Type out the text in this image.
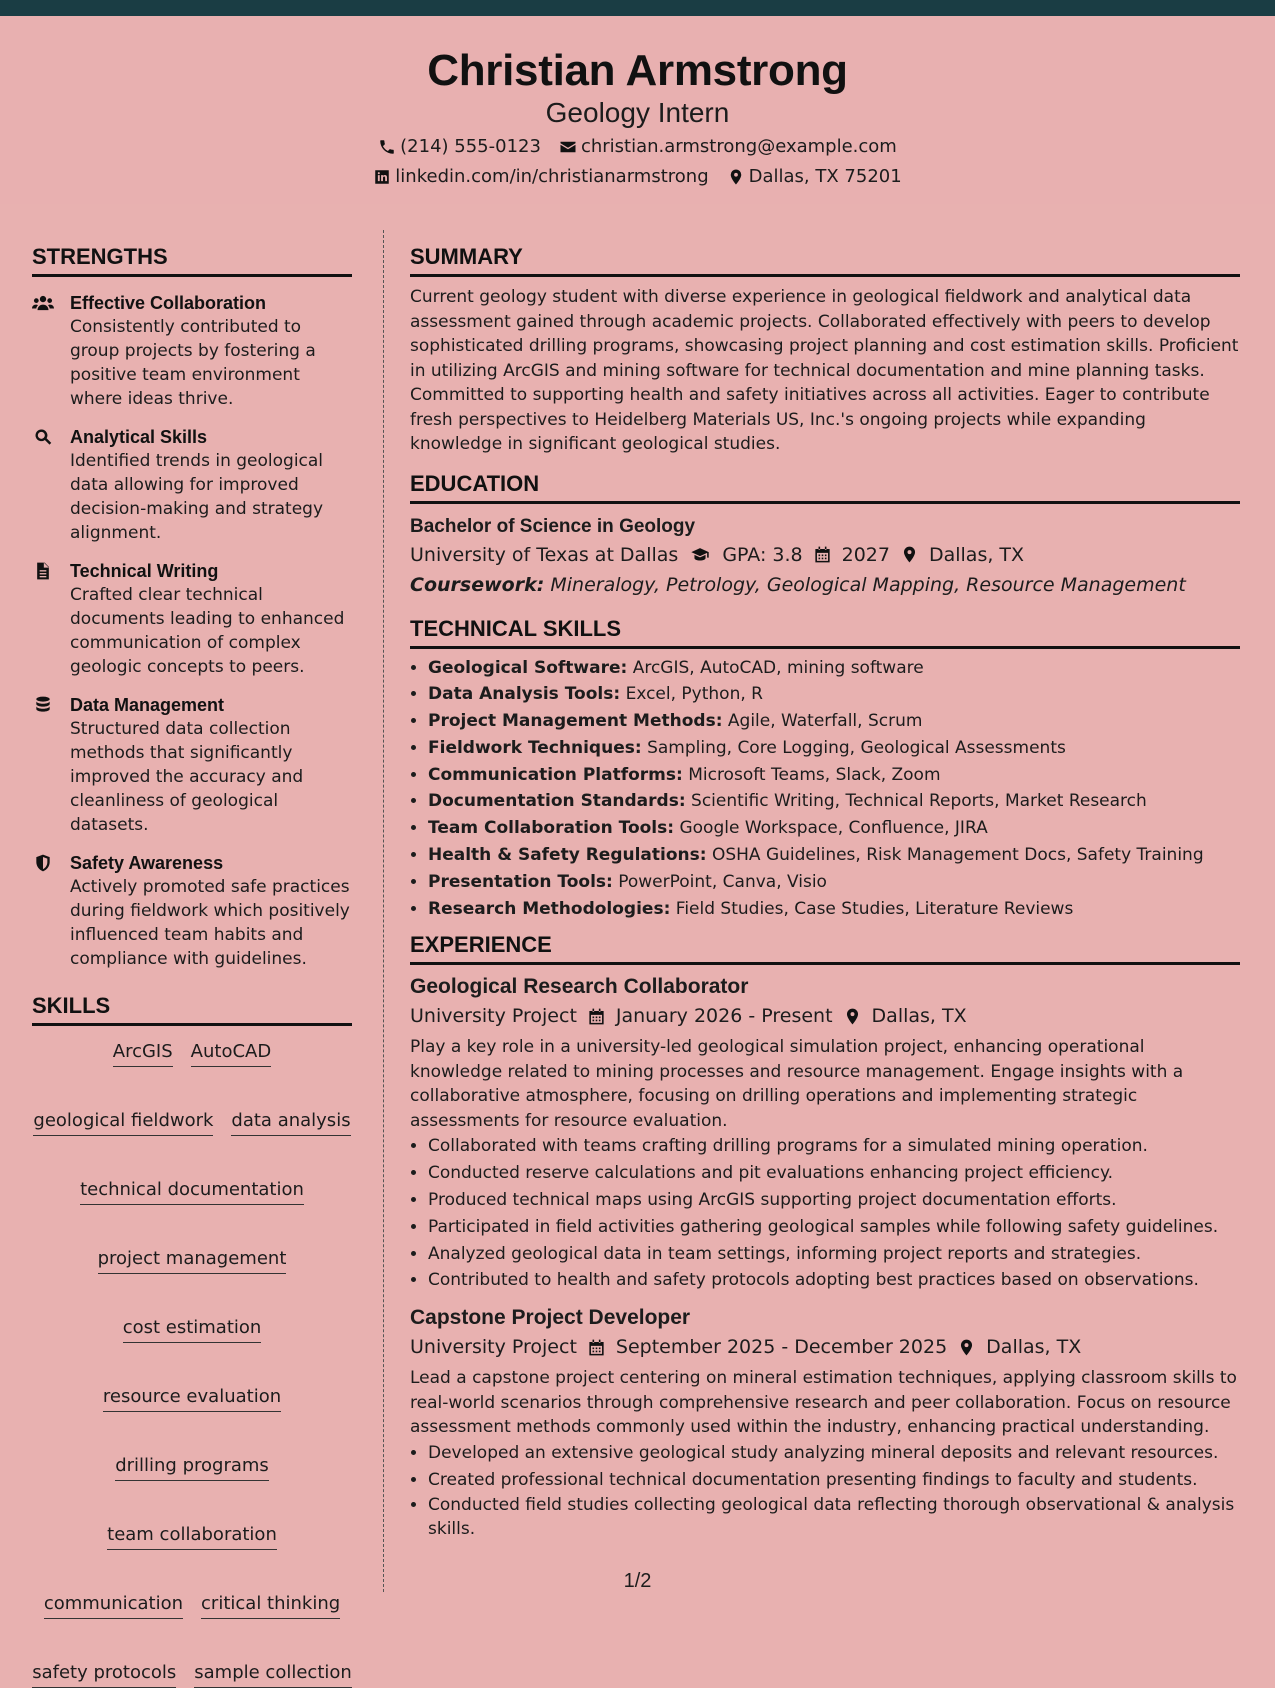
Christian Armstrong
Geology Intern
(214) 555-0123 christian.armstrong@example.com
linkedin.com/in/christianarmstrong Dallas, TX 75201
STRENGTHS
Effective Collaboration
Consistently contributed to group projects by fostering a positive team environment where ideas thrive.
Analytical Skills
Identified trends in geological data allowing for improved decision-making and strategy alignment.
Technical Writing
Crafted clear technical documents leading to enhanced communication of complex geologic concepts to peers.
Data Management
Structured data collection methods that significantly improved the accuracy and cleanliness of geological datasets.
Safety Awareness
Actively promoted safe practices during fieldwork which positively influenced team habits and compliance with guidelines.
SKILLS
ArcGIS AutoCAD
geological fieldwork data analysis
technical documentation
project management
cost estimation
resource evaluation
drilling programs
team collaboration
communication critical thinking
safety protocols sample collection
SUMMARY
Current geology student with diverse experience in geological fieldwork and analytical data assessment gained through academic projects. Collaborated effectively with peers to develop sophisticated drilling programs, showcasing project planning and cost estimation skills. Proficient in utilizing ArcGIS and mining software for technical documentation and mine planning tasks. Committed to supporting health and safety initiatives across all activities. Eager to contribute fresh perspectives to Heidelberg Materials US, Inc.'s ongoing projects while expanding knowledge in significant geological studies.
EDUCATION
Bachelor of Science in Geology
University of Texas at Dallas GPA: 3.8 2027 Dallas, TX
Coursework: Mineralogy, Petrology, Geological Mapping, Resource Management
TECHNICAL SKILLS
• Geological Software: ArcGIS, AutoCAD, mining software
• Data Analysis Tools: Excel, Python, R
• Project Management Methods: Agile, Waterfall, Scrum
• Fieldwork Techniques: Sampling, Core Logging, Geological Assessments
• Communication Platforms: Microsoft Teams, Slack, Zoom
• Documentation Standards: Scientific Writing, Technical Reports, Market Research
• Team Collaboration Tools: Google Workspace, Confluence, JIRA
• Health & Safety Regulations: OSHA Guidelines, Risk Management Docs, Safety Training
• Presentation Tools: PowerPoint, Canva, Visio
• Research Methodologies: Field Studies, Case Studies, Literature Reviews
EXPERIENCE
Geological Research Collaborator
University Project January 2026 - Present Dallas, TX
Play a key role in a university-led geological simulation project, enhancing operational knowledge related to mining processes and resource management. Engage insights with a collaborative atmosphere, focusing on drilling operations and implementing strategic assessments for resource evaluation.
• Collaborated with teams crafting drilling programs for a simulated mining operation.
• Conducted reserve calculations and pit evaluations enhancing project efficiency.
• Produced technical maps using ArcGIS supporting project documentation efforts.
• Participated in field activities gathering geological samples while following safety guidelines.
• Analyzed geological data in team settings, informing project reports and strategies.
• Contributed to health and safety protocols adopting best practices based on observations.
Capstone Project Developer
University Project September 2025 - December 2025 Dallas, TX
Lead a capstone project centering on mineral estimation techniques, applying classroom skills to real-world scenarios through comprehensive research and peer collaboration. Focus on resource assessment methods commonly used within the industry, enhancing practical understanding.
• Developed an extensive geological study analyzing mineral deposits and relevant resources.
• Created professional technical documentation presenting findings to faculty and students.
• Conducted field studies collecting geological data reflecting thorough observational & analysis skills.
1/2
